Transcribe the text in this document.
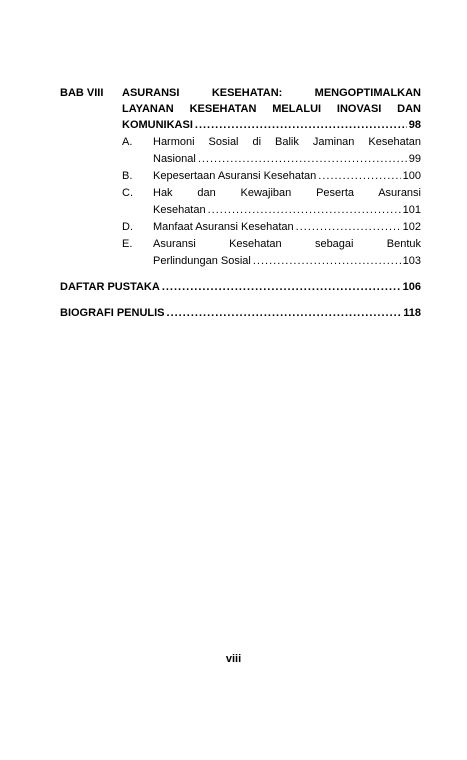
BAB VIII ASURANSI KESEHATAN: MENGOPTIMALKAN
LAYANAN KESEHATAN MELALUI INOVASI DAN
KOMUNIKASI .....	98
A. Harmoni Sosial di Balik Jaminan Kesehatan
Nasional .....	99
B. Kepesertaan Asuransi Kesehatan .....	100
C. Hak dan Kewajiban Peserta Asuransi
Kesehatan .....	101
D. Manfaat Asuransi Kesehatan .....	102
E. Asuransi Kesehatan sebagai Bentuk
Perlindungan Sosial .....	103
DAFTAR PUSTAKA .....	106
BIOGRAFI PENULIS .....	118
viii
